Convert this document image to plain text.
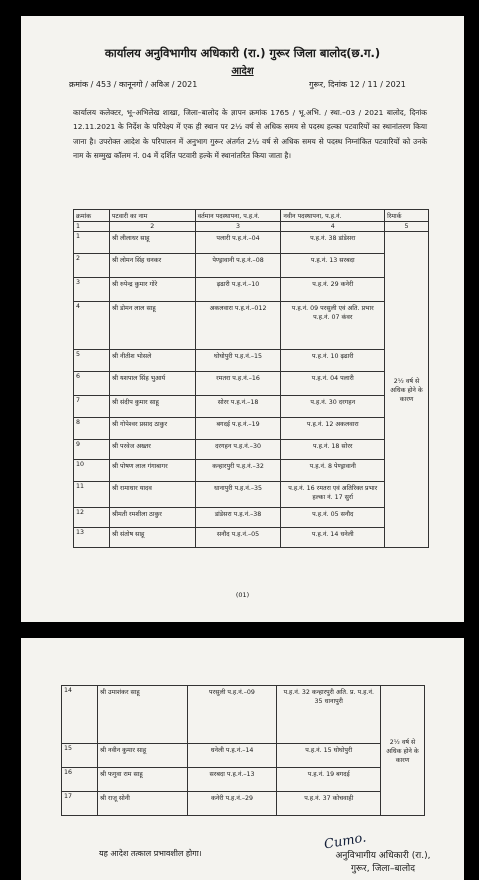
कार्यालय अनुविभागीय अधिकारी (रा.) गुरूर जिला बालोद(छ.ग.)
आदेश
क्रमांक / 453 / कानूनगो / अविअ / 2021	गुरूर, दिनांक 12 / 11 / 2021
कार्यालय कलेक्टर, भू–अभिलेख शाखा, जिला–बालोद के ज्ञापन क्रमांक 1765 / भू.अभि. / स्था.–03 / 2021 बालोद, दिनांक 12.11.2021 के निर्देश के परिपेक्ष्य में एक ही स्थान पर 2½ वर्ष से अधिक समय से पदस्थ हल्का पटवारियों का स्थानांतरण किया जाना है। उपरोक्त आदेश के परिपालन में अनुभाग गुरूर अंतर्गत 2½ वर्ष से अधिक समय से पदस्थ निम्नांकित पटवारियों को उनके नाम के सम्मुख कॉलम नं. 04 में दर्शित पटवारी हल्के में स्थानांतरित किया जाता है।
क्रमांक	पटवारी का नाम	वर्तमान पदस्थापना, प.ह.नं.	नवीन पदस्थापना, प.ह.नं.	रिमार्क
1	2	3	4	5
1	श्री लीलाधर साहू	पलारी प.ह.नं.–04	प.ह.नं. 38 डांडेसरा	2½ वर्ष से अधिक होने के कारण
2	श्री लोमन सिंह धनकर	पेण्ड्रावानी प.ह.नं.–08	प.ह.नं. 13 सरबदा	
3	श्री रुपेन्द्र कुमार गोरे	ढ़ढारी प.ह.नं.–10	प.ह.नं. 29 कनेरी	
4	श्री डोमन लाल साहू	अकलवारा प.ह.नं.–012	प.ह.नं. 09 परसुली एवं अति. प्रभार प.ह.नं. 07 कंवर	
5	श्री नीतीश भोसले	घोघोपुरी प.ह.नं.–15	प.ह.नं. 10 ढ़ढारी	
6	श्री यशपाल सिंह भुआर्य	रमतरा प.ह.नं.–16	प.ह.नं. 04 पलारी	
7	श्री संदीप कुमार साहू	सोरर प.ह.नं.–18	प.ह.नं. 30 दरगहन	
8	श्री गोपेश्वर प्रसाद ठाकुर	बगदई प.ह.नं.–19	प.ह.नं. 12 अकलवारा	
9	श्री परवेज अख्तर	दरगहन प.ह.नं.–30	प.ह.नं. 18 सोरर	
10	श्री पोषण लाल गंगाबागर	कन्हारपुरी प.ह.नं.–32	प.ह.नं. 8 पेण्ड्रावानी	
11	श्री रामाधार यादव	धानापुरी प.ह.नं.–35	प.ह.नं. 16 रमतरा एवं अतिरिक्त प्रभार हल्का नं. 17 सुर्रा	
12	श्रीमती रमशीला ठाकुर	डांडेसरा प.ह.नं.–38	प.ह.नं. 05 सनौद	
13	श्री संतोष साहू	सनौद प.ह.नं.–05	प.ह.नं. 14 धनेली	
(01)
14	श्री उमाशंकर साहू	परसुली प.ह.नं.–09	प.ह.नं. 32 कन्हारपुरी अति. प्र. प.ह.नं. 35 धानापुरी	2½ वर्ष से अधिक होने के कारण
15	श्री नवीन कुमार साहू	धनेली प.ह.नं.–14	प.ह.नं. 15 घोघोपुरी	
16	श्री फगुवा राम साहू	सरबदा प.ह.नं.–13	प.ह.नं. 19 बगदई	
17	श्री राजू सोनी	कनेरी प.ह.नं.–29	प.ह.नं. 37 कोचवाही	
यह आदेश तत्काल प्रभावशील होगा।
Cumo.
अनुविभागीय अधिकारी (रा.),
गुरूर, जिला–बालोद
